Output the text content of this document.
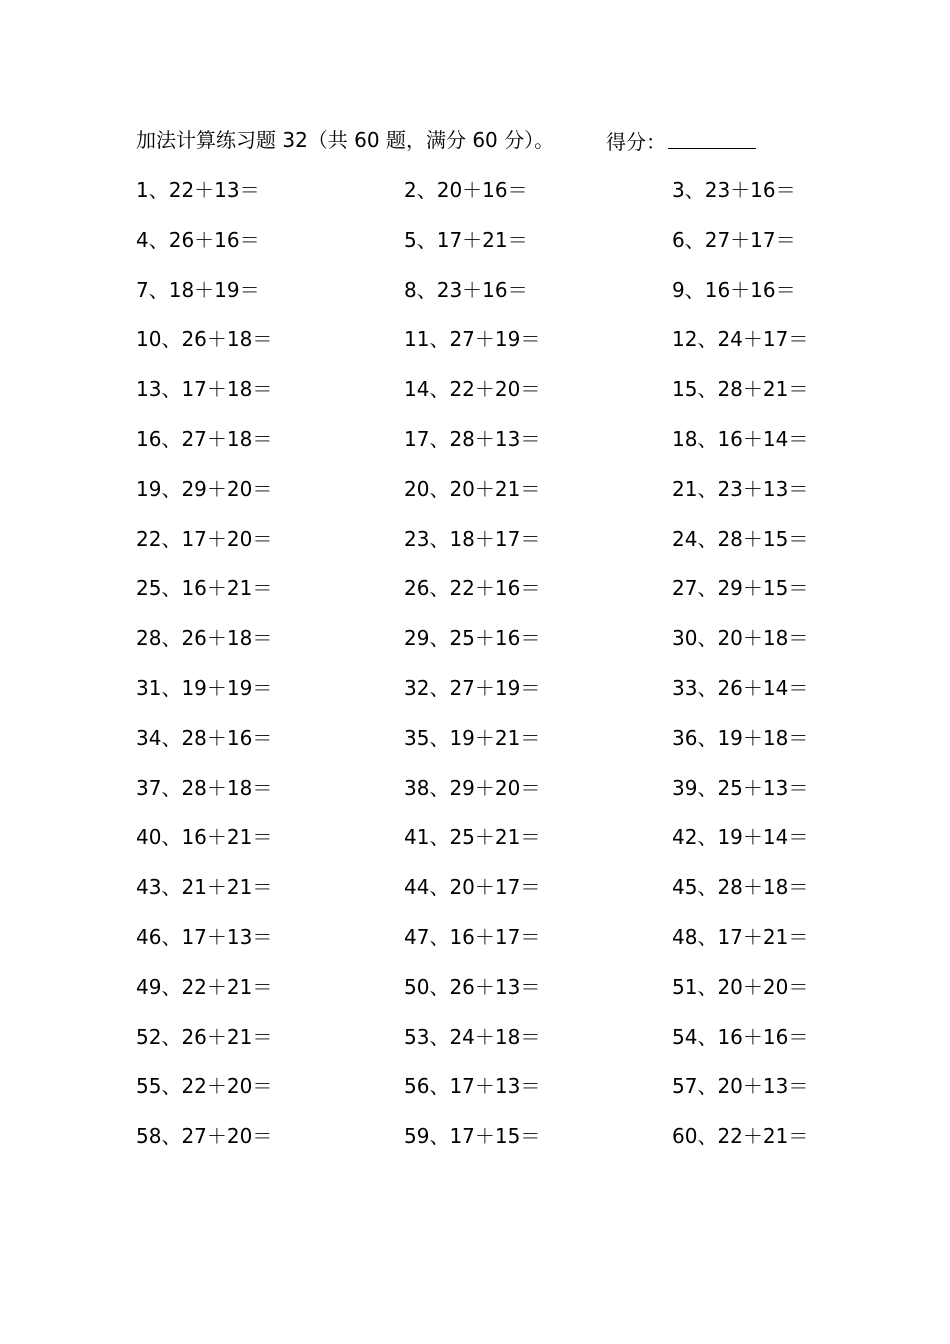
加法计算练习题 32（共 60 题，满分 60 分）。	得分：
1、22＋13＝	2、20＋16＝	3、23＋16＝
4、26＋16＝	5、17＋21＝	6、27＋17＝
7、18＋19＝	8、23＋16＝	9、16＋16＝
10、26＋18＝	11、27＋19＝	12、24＋17＝
13、17＋18＝	14、22＋20＝	15、28＋21＝
16、27＋18＝	17、28＋13＝	18、16＋14＝
19、29＋20＝	20、20＋21＝	21、23＋13＝
22、17＋20＝	23、18＋17＝	24、28＋15＝
25、16＋21＝	26、22＋16＝	27、29＋15＝
28、26＋18＝	29、25＋16＝	30、20＋18＝
31、19＋19＝	32、27＋19＝	33、26＋14＝
34、28＋16＝	35、19＋21＝	36、19＋18＝
37、28＋18＝	38、29＋20＝	39、25＋13＝
40、16＋21＝	41、25＋21＝	42、19＋14＝
43、21＋21＝	44、20＋17＝	45、28＋18＝
46、17＋13＝	47、16＋17＝	48、17＋21＝
49、22＋21＝	50、26＋13＝	51、20＋20＝
52、26＋21＝	53、24＋18＝	54、16＋16＝
55、22＋20＝	56、17＋13＝	57、20＋13＝
58、27＋20＝	59、17＋15＝	60、22＋21＝
